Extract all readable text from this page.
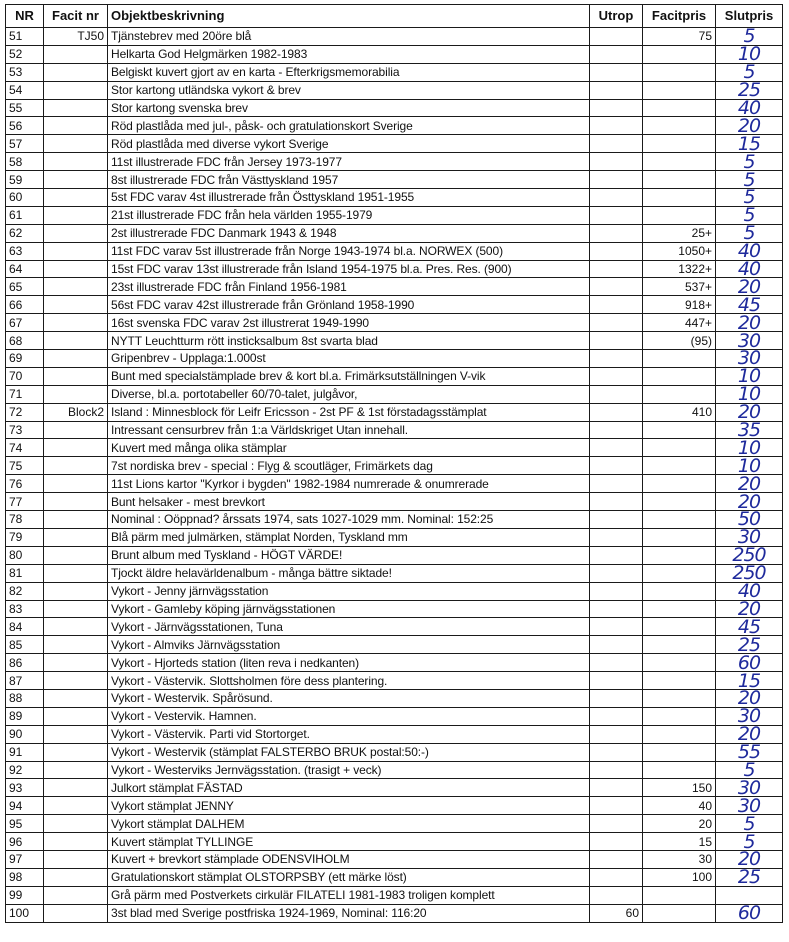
NR	Facit nr	Objektbeskrivning	Utrop	Facitpris	Slutpris
51	TJ50	Tjänstebrev med 20öre blå		75	5
52		Helkarta God Helgmärken 1982-1983			10
53		Belgiskt kuvert gjort av en karta - Efterkrigsmemorabilia			5
54		Stor kartong utländska vykort & brev			25
55		Stor kartong svenska brev			40
56		Röd plastlåda med jul-, påsk- och gratulationskort Sverige			20
57		Röd plastlåda med diverse vykort Sverige			15
58		11st illustrerade FDC från Jersey 1973-1977			5
59		8st illustrerade FDC från Västtyskland 1957			5
60		5st FDC varav 4st illustrerade från Östtyskland 1951-1955			5
61		21st illustrerade FDC från hela världen 1955-1979			5
62		2st illustrerade FDC Danmark 1943 & 1948		25+	5
63		11st FDC varav 5st illustrerade från Norge 1943-1974 bl.a. NORWEX (500)		1050+	40
64		15st FDC varav 13st illustrerade från Island 1954-1975 bl.a. Pres. Res. (900)		1322+	40
65		23st illustrerade FDC från Finland 1956-1981		537+	20
66		56st FDC varav 42st illustrerade från Grönland 1958-1990		918+	45
67		16st svenska FDC varav 2st illustrerat 1949-1990		447+	20
68		NYTT Leuchtturm rött insticksalbum 8st svarta blad		(95)	30
69		Gripenbrev - Upplaga:1.000st			30
70		Bunt med specialstämplade brev & kort bl.a. Frimärksutställningen V-vik			10
71		Diverse, bl.a. portotabeller 60/70-talet, julgåvor,			10
72	Block2	Island : Minnesblock för Leifr Ericsson - 2st PF & 1st förstadagsstämplat		410	20
73		Intressant censurbrev från 1:a Världskriget Utan innehall.			35
74		Kuvert med många olika stämplar			10
75		7st nordiska brev - special : Flyg & scoutläger, Frimärkets dag			10
76		11st Lions kartor "Kyrkor i bygden" 1982-1984 numrerade & onumrerade			20
77		Bunt helsaker - mest brevkort			20
78		Nominal : Oöppnad? årssats 1974, sats 1027-1029 mm. Nominal: 152:25			50
79		Blå pärm med julmärken, stämplat Norden, Tyskland mm			30
80		Brunt album med Tyskland - HÖGT VÄRDE!			250
81		Tjockt äldre helavärldenalbum - många bättre siktade!			250
82		Vykort - Jenny järnvägsstation			40
83		Vykort - Gamleby köping järnvägsstationen			20
84		Vykort - Järnvägsstationen, Tuna			45
85		Vykort - Almviks Järnvägsstation			25
86		Vykort - Hjorteds station (liten reva i nedkanten)			60
87		Vykort - Västervik. Slottsholmen före dess plantering.			15
88		Vykort - Westervik. Spårösund.			20
89		Vykort - Vestervik. Hamnen.			30
90		Vykort - Västervik. Parti vid Stortorget.			20
91		Vykort - Westervik (stämplat FALSTERBO BRUK postal:50:-)			55
92		Vykort - Westerviks Jernvägsstation. (trasigt + veck)			5
93		Julkort stämplat FÄSTAD		150	30
94		Vykort stämplat JENNY		40	30
95		Vykort stämplat DALHEM		20	5
96		Kuvert stämplat TYLLINGE		15	5
97		Kuvert + brevkort stämplade ODENSVIHOLM		30	20
98		Gratulationskort stämplat OLSTORPSBY (ett märke löst)		100	25
99		Grå pärm med Postverkets cirkulär FILATELI 1981-1983 troligen komplett			
100		3st blad med Sverige postfriska 1924-1969, Nominal: 116:20	60		60
